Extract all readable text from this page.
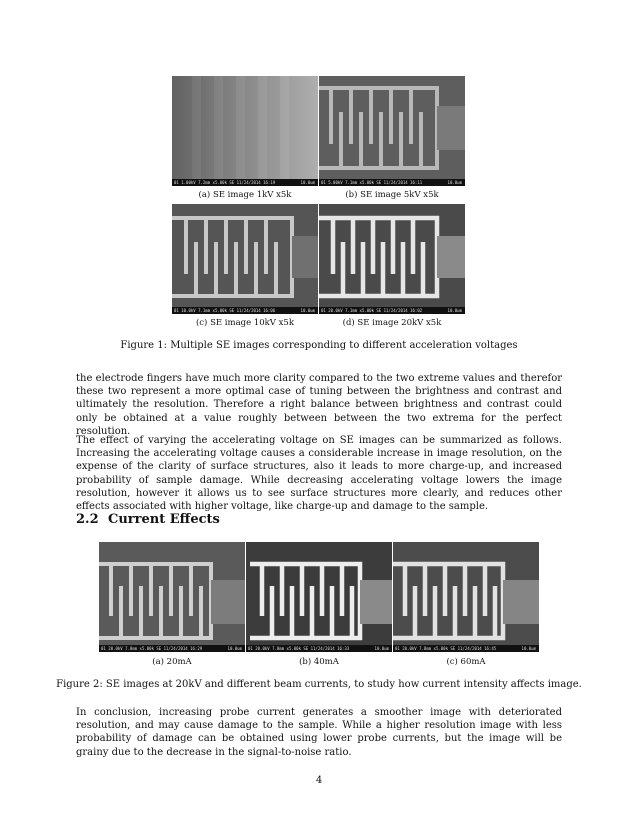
01 1.00kV 7.2mm x5.00k SE 11/24/2014 16:19	10.0um	01 5.00kV 7.1mm x5.00k SE 11/24/2014 16:11	10.0um
(a) SE image 1kV x5k	(b) SE image 5kV x5k
01 10.0kV 7.1mm x5.00k SE 11/24/2014 16:06	10.0um	01 20.0kV 7.1mm x5.00k SE 11/24/2014 16:02	10.0um
(c) SE image 10kV x5k	(d) SE image 20kV x5k
Figure 1: Multiple SE images corresponding to different acceleration voltages

the electrode fingers have much more clarity compared to the two extreme values and therefor these two represent a more optimal case of tuning between the brightness and contrast and ultimately the resolution. Therefore a right balance between brightness and contrast could only be obtained at a value roughly between between the two extrema for the perfect resolution.

The effect of varying the accelerating voltage on SE images can be summarized as follows. Increasing the accelerating voltage causes a considerable increase in image resolution, on the expense of the clarity of surface structures, also it leads to more charge-up, and increased probability of sample damage. While decreasing accelerating voltage lowers the image resolution, however it allows us to see surface structures more clearly, and reduces other effects associated with higher voltage, like charge-up and damage to the sample.

2.2 Current Effects
01 20.0kV 7.8mm x5.00k SE 11/24/2014 16:29	10.0um	01 20.0kV 7.8mm x5.00k SE 11/24/2014 16:33	10.0um	01 20.0kV 7.8mm x5.00k SE 11/24/2014 16:45	10.0um
(a) 20mA	(b) 40mA	(c) 60mA
Figure 2: SE images at 20kV and different beam currents, to study how current intensity affects image.

In conclusion, increasing probe current generates a smoother image with deteriorated resolution, and may cause damage to the sample. While a higher resolution image with less probability of damage can be obtained using lower probe currents, but the image will be grainy due to the decrease in the signal-to-noise ratio.

4
